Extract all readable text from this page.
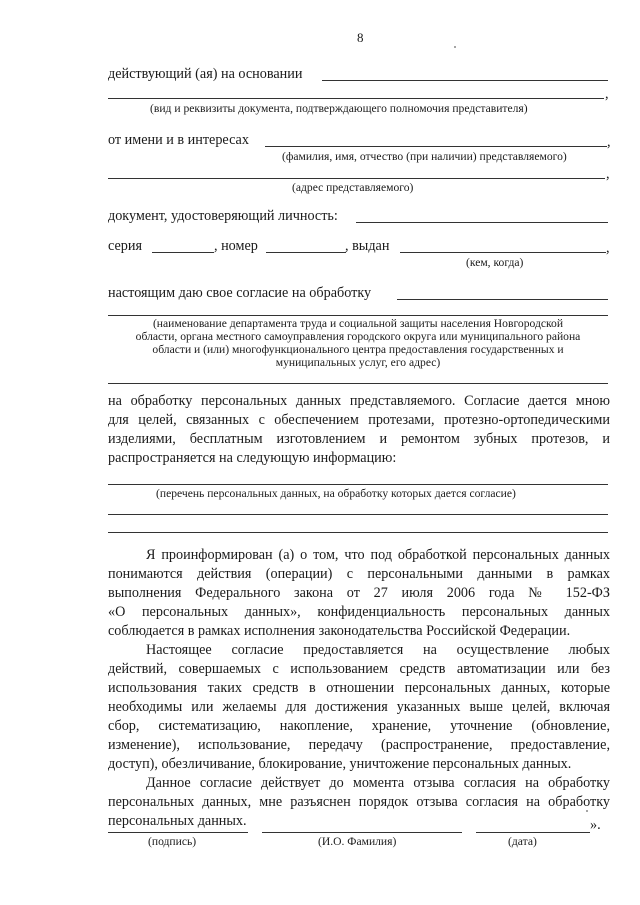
8
действующий (ая) на основании
,
(вид и реквизиты документа, подтверждающего полномочия представителя)
от имени и в интересах	,
(фамилия, имя, отчество (при наличии) представляемого)
,
(адрес представляемого)
документ, удостоверяющий личность:
серия	, номер	, выдан	,
(кем, когда)
настоящим даю свое согласие на обработку
(наименование департамента труда и социальной защиты населения Новгородской
области, органа местного самоуправления городского округа или муниципального района
области и (или) многофункционального центра предоставления государственных и
муниципальных услуг, его адрес)
на обработку персональных данных представляемого. Согласие дается мною
для целей, связанных с обеспечением протезами, протезно-ортопедическими
изделиями, бесплатным изготовлением и ремонтом зубных протезов, и
распространяется на следующую информацию:
(перечень персональных данных, на обработку которых дается согласие)
Я проинформирован (а) о том, что под обработкой персональных данных
понимаются действия (операции) с персональными данными в рамках
выполнения Федерального закона от 27 июля 2006 года № 152-ФЗ
«О персональных данных», конфиденциальность персональных данных
соблюдается в рамках исполнения законодательства Российской Федерации.
Настоящее согласие предоставляется на осуществление любых
действий, совершаемых с использованием средств автоматизации или без
использования таких средств в отношении персональных данных, которые
необходимы или желаемы для достижения указанных выше целей, включая
сбор, систематизацию, накопление, хранение, уточнение (обновление,
изменение), использование, передачу (распространение, предоставление,
доступ), обезличивание, блокирование, уничтожение персональных данных.
Данное согласие действует до момента отзыва согласия на обработку
персональных данных, мне разъяснен порядок отзыва согласия на обработку
персональных данных.
(подпись)	(И.О. Фамилия)
».
(дата)
